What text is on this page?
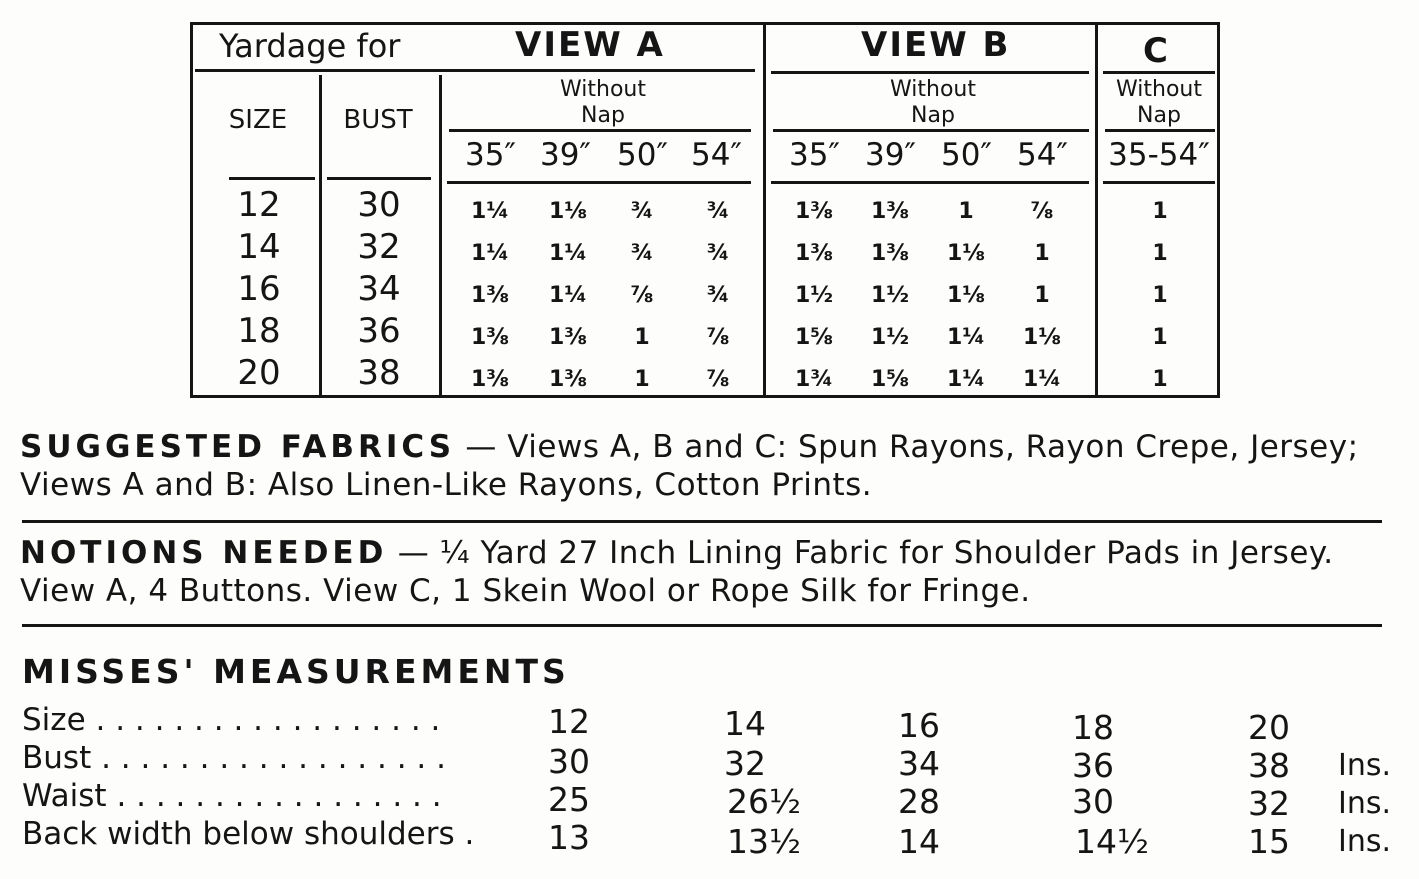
Yardage for	VIEW A	VIEW B	C
SIZE	BUST
Without
Nap
Without
Nap
Without
Nap
35″ 39″ 50″ 54″	35″ 39″ 50″ 54″	35-54″
12	30	1¼	1⅛	¾	¾	1⅜	1⅜	1	⅞	1
14	32	1¼	1¼	¾	¾	1⅜	1⅜	1⅛	1	1
16	34	1⅜	1¼	⅞	¾	1½	1½	1⅛	1	1
18	36	1⅜	1⅜	1	⅞	1⅝	1½	1¼	1⅛	1
20	38	1⅜	1⅜	1	⅞	1¾	1⅝	1¼	1¼	1
SUGGESTED FABRICS — Views A, B and C: Spun Rayons, Rayon Crepe, Jersey; Views A and B: Also Linen-Like Rayons, Cotton Prints.
NOTIONS NEEDED — ¼ Yard 27 Inch Lining Fabric for Shoulder Pads in Jersey. View A, 4 Buttons. View C, 1 Skein Wool or Rope Silk for Fringe.
MISSES' MEASUREMENTS
Size . . . . . . . . . . . . . . . . . .	12	14	16	18	20
Bust . . . . . . . . . . . . . . . . . .	30	32	34	36	38	Ins.
Waist . . . . . . . . . . . . . . . . .	25	26½	28	30	32	Ins.
Back width below shoulders .	13	13½	14	14½	15	Ins.
